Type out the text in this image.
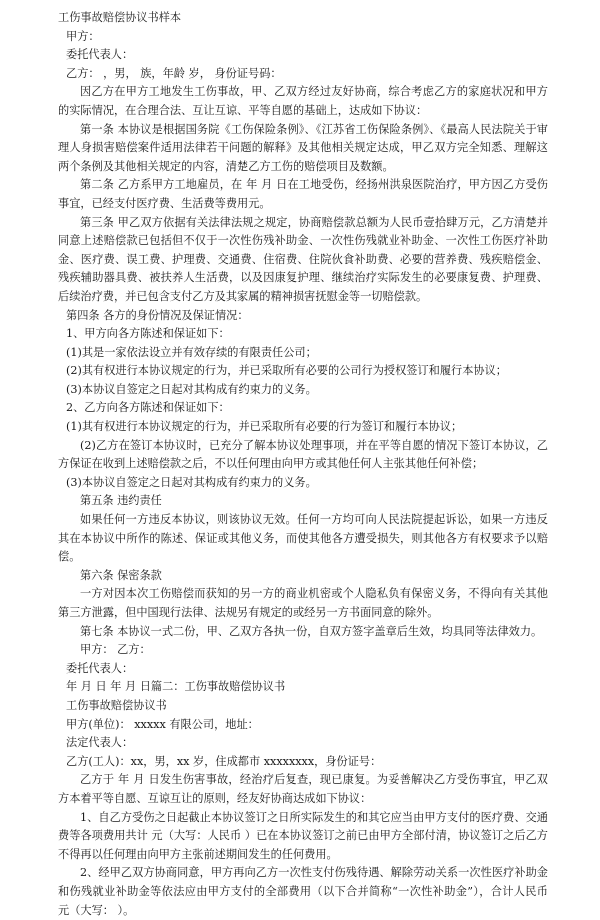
工伤事故赔偿协议书样本
甲方：
委托代表人：
乙方： ，男， 族，年龄 岁， 身份证号码：
因乙方在甲方工地发生工伤事故，甲、乙双方经过友好协商，综合考虑乙方的家庭状况和甲方的实际情况，在合理合法、互让互谅、平等自愿的基础上，达成如下协议：
第一条 本协议是根据国务院《工伤保险条例》、《江苏省工伤保险条例》、《最高人民法院关于审理人身损害赔偿案件适用法律若干问题的解释》及其他相关规定达成，甲乙双方完全知悉、理解这两个条例及其他相关规定的内容，清楚乙方工伤的赔偿项目及数额。
第二条 乙方系甲方工地雇员，在 年 月 日在工地受伤，经扬州洪泉医院治疗，甲方因乙方受伤事宜，已经支付医疗费、生活费等费用元。
第三条 甲乙双方依据有关法律法规之规定，协商赔偿款总额为人民币壹拾肆万元，乙方清楚并同意上述赔偿款已包括但不仅于一次性伤残补助金、一次性伤残就业补助金、一次性工伤医疗补助金、医疗费、误工费、护理费、交通费、住宿费、住院伙食补助费、必要的营养费、残疾赔偿金、残疾辅助器具费、被扶养人生活费，以及因康复护理、继续治疗实际发生的必要康复费、护理费、后续治疗费，并已包含支付乙方及其家属的精神损害抚慰金等一切赔偿款。
第四条 各方的身份情况及保证情况：
1、甲方向各方陈述和保证如下：
(1)其是一家依法设立并有效存续的有限责任公司；
(2)其有权进行本协议规定的行为，并已采取所有必要的公司行为授权签订和履行本协议；
(3)本协议自签定之日起对其构成有约束力的义务。
2、乙方向各方陈述和保证如下：
(1)其有权进行本协议规定的行为，并已采取所有必要的行为签订和履行本协议；
(2)乙方在签订本协议时，已充分了解本协议处理事项，并在平等自愿的情况下签订本协议，乙方保证在收到上述赔偿款之后，不以任何理由向甲方或其他任何人主张其他任何补偿；
(3)本协议自签定之日起对其构成有约束力的义务。
第五条 违约责任
如果任何一方违反本协议，则该协议无效。任何一方均可向人民法院提起诉讼，如果一方违反其在本协议中所作的陈述、保证或其他义务，而使其他各方遭受损失，则其他各方有权要求予以赔偿。
第六条 保密条款
一方对因本次工伤赔偿而获知的另一方的商业机密或个人隐私负有保密义务，不得向有关其他第三方泄露，但中国现行法律、法规另有规定的或经另一方书面同意的除外。
第七条 本协议一式二份，甲、乙双方各执一份，自双方签字盖章后生效，均具同等法律效力。
甲方： 乙方：
委托代表人：
年 月 日 年 月 日篇二：工伤事故赔偿协议书
工伤事故赔偿协议书
甲方(单位)： xxxxx 有限公司，地址：
法定代表人：
乙方(工人)：xx，男，xx 岁，住成都市 xxxxxxxx，身份证号：
乙方于 年 月 日发生伤害事故，经治疗后复查，现已康复。为妥善解决乙方受伤事宜，甲乙双方本着平等自愿、互谅互让的原则，经友好协商达成如下协议：
1、自乙方受伤之日起截止本协议签订之日所实际发生的和其它应当由甲方支付的医疗费、交通费等各项费用共计 元（大写：人民币 ）已在本协议签订之前已由甲方全部付清，协议签订之后乙方不得再以任何理由向甲方主张前述期间发生的任何费用。
2、经甲乙双方协商同意，甲方再向乙方一次性支付伤残待遇、解除劳动关系一次性医疗补助金和伤残就业补助金等依法应由甲方支付的全部费用（以下合并简称“一次性补助金”），合计人民币 元（大写： ）。
